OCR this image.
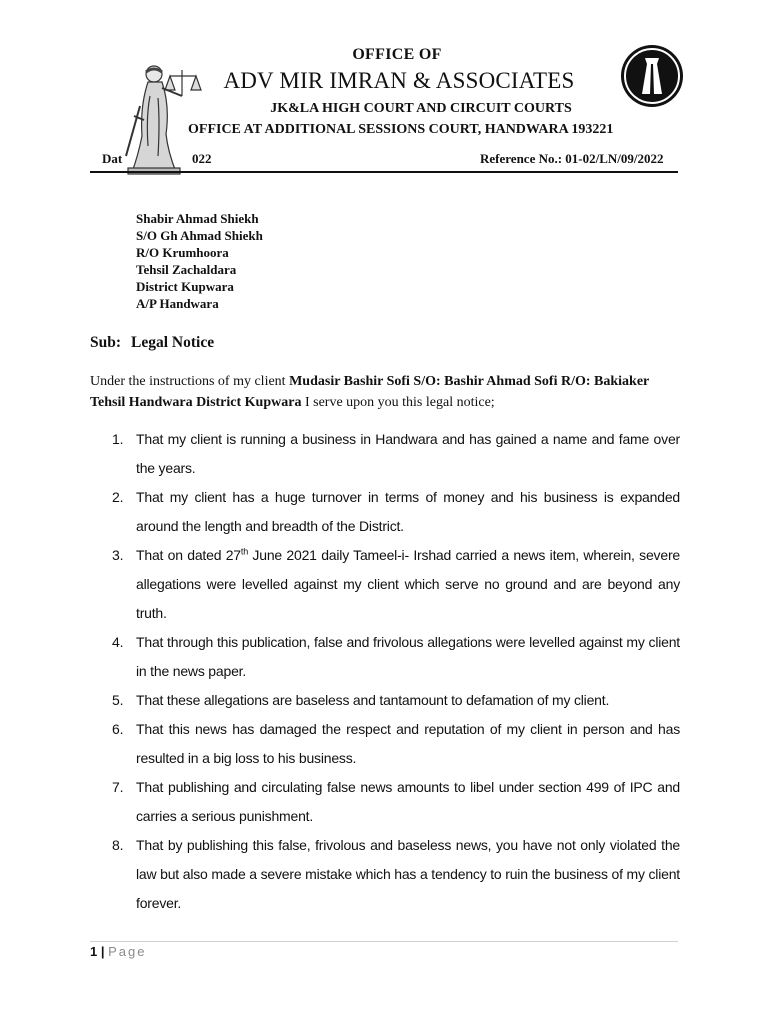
OFFICE OF
ADV MIR IMRAN & ASSOCIATES
JK&LA HIGH COURT AND CIRCUIT COURTS
OFFICE AT ADDITIONAL SESSIONS COURT, HANDWARA 193221
Dat	022	Reference No.: 01-02/LN/09/2022
Shabir Ahmad Shiekh
S/O Gh Ahmad Shiekh
R/O Krumhoora
Tehsil Zachaldara
District Kupwara
A/P Handwara
Sub: Legal Notice
Under the instructions of my client Mudasir Bashir Sofi S/O: Bashir Ahmad Sofi R/O: Bakiaker Tehsil Handwara District Kupwara I serve upon you this legal notice;
1. That my client is running a business in Handwara and has gained a name and fame over the years.
2. That my client has a huge turnover in terms of money and his business is expanded around the length and breadth of the District.
3. That on dated 27th June 2021 daily Tameel-i- Irshad carried a news item, wherein, severe allegations were levelled against my client which serve no ground and are beyond any truth.
4. That through this publication, false and frivolous allegations were levelled against my client in the news paper.
5. That these allegations are baseless and tantamount to defamation of my client.
6. That this news has damaged the respect and reputation of my client in person and has resulted in a big loss to his business.
7. That publishing and circulating false news amounts to libel under section 499 of IPC and carries a serious punishment.
8. That by publishing this false, frivolous and baseless news, you have not only violated the law but also made a severe mistake which has a tendency to ruin the business of my client forever.
1 | Page
